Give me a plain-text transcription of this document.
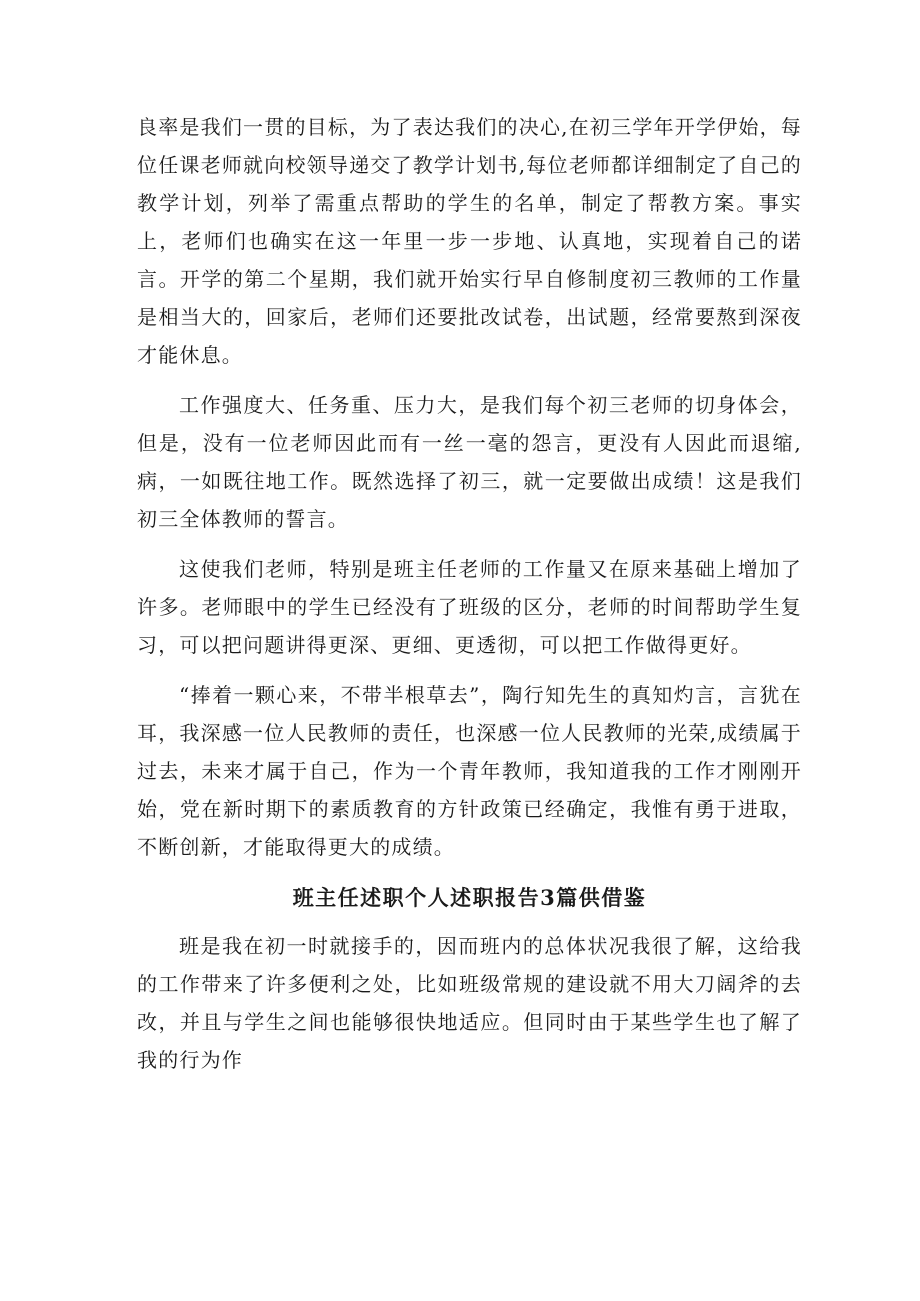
良率是我们一贯的目标，为了表达我们的决心,在初三学年开学伊始，每位任课老师就向校领导递交了教学计划书,每位老师都详细制定了自己的教学计划，列举了需重点帮助的学生的名单，制定了帮教方案。事实上，老师们也确实在这一年里一步一步地、认真地，实现着自己的诺言。开学的第二个星期，我们就开始实行早自修制度初三教师的工作量是相当大的，回家后，老师们还要批改试卷，出试题，经常要熬到深夜才能休息。

工作强度大、任务重、压力大，是我们每个初三老师的切身体会，但是，没有一位老师因此而有一丝一毫的怨言，更没有人因此而退缩,病，一如既往地工作。既然选择了初三，就一定要做出成绩！这是我们初三全体教师的誓言。

这使我们老师，特别是班主任老师的工作量又在原来基础上增加了许多。老师眼中的学生已经没有了班级的区分，老师的时间帮助学生复习，可以把问题讲得更深、更细、更透彻，可以把工作做得更好。

“捧着一颗心来，不带半根草去”，陶行知先生的真知灼言，言犹在耳，我深感一位人民教师的责任，也深感一位人民教师的光荣,成绩属于过去，未来才属于自己，作为一个青年教师，我知道我的工作才刚刚开始，党在新时期下的素质教育的方针政策已经确定，我惟有勇于进取，不断创新，才能取得更大的成绩。

班主任述职个人述职报告3篇供借鉴

班是我在初一时就接手的，因而班内的总体状况我很了解，这给我的工作带来了许多便利之处，比如班级常规的建设就不用大刀阔斧的去改，并且与学生之间也能够很快地适应。但同时由于某些学生也了解了我的行为作
